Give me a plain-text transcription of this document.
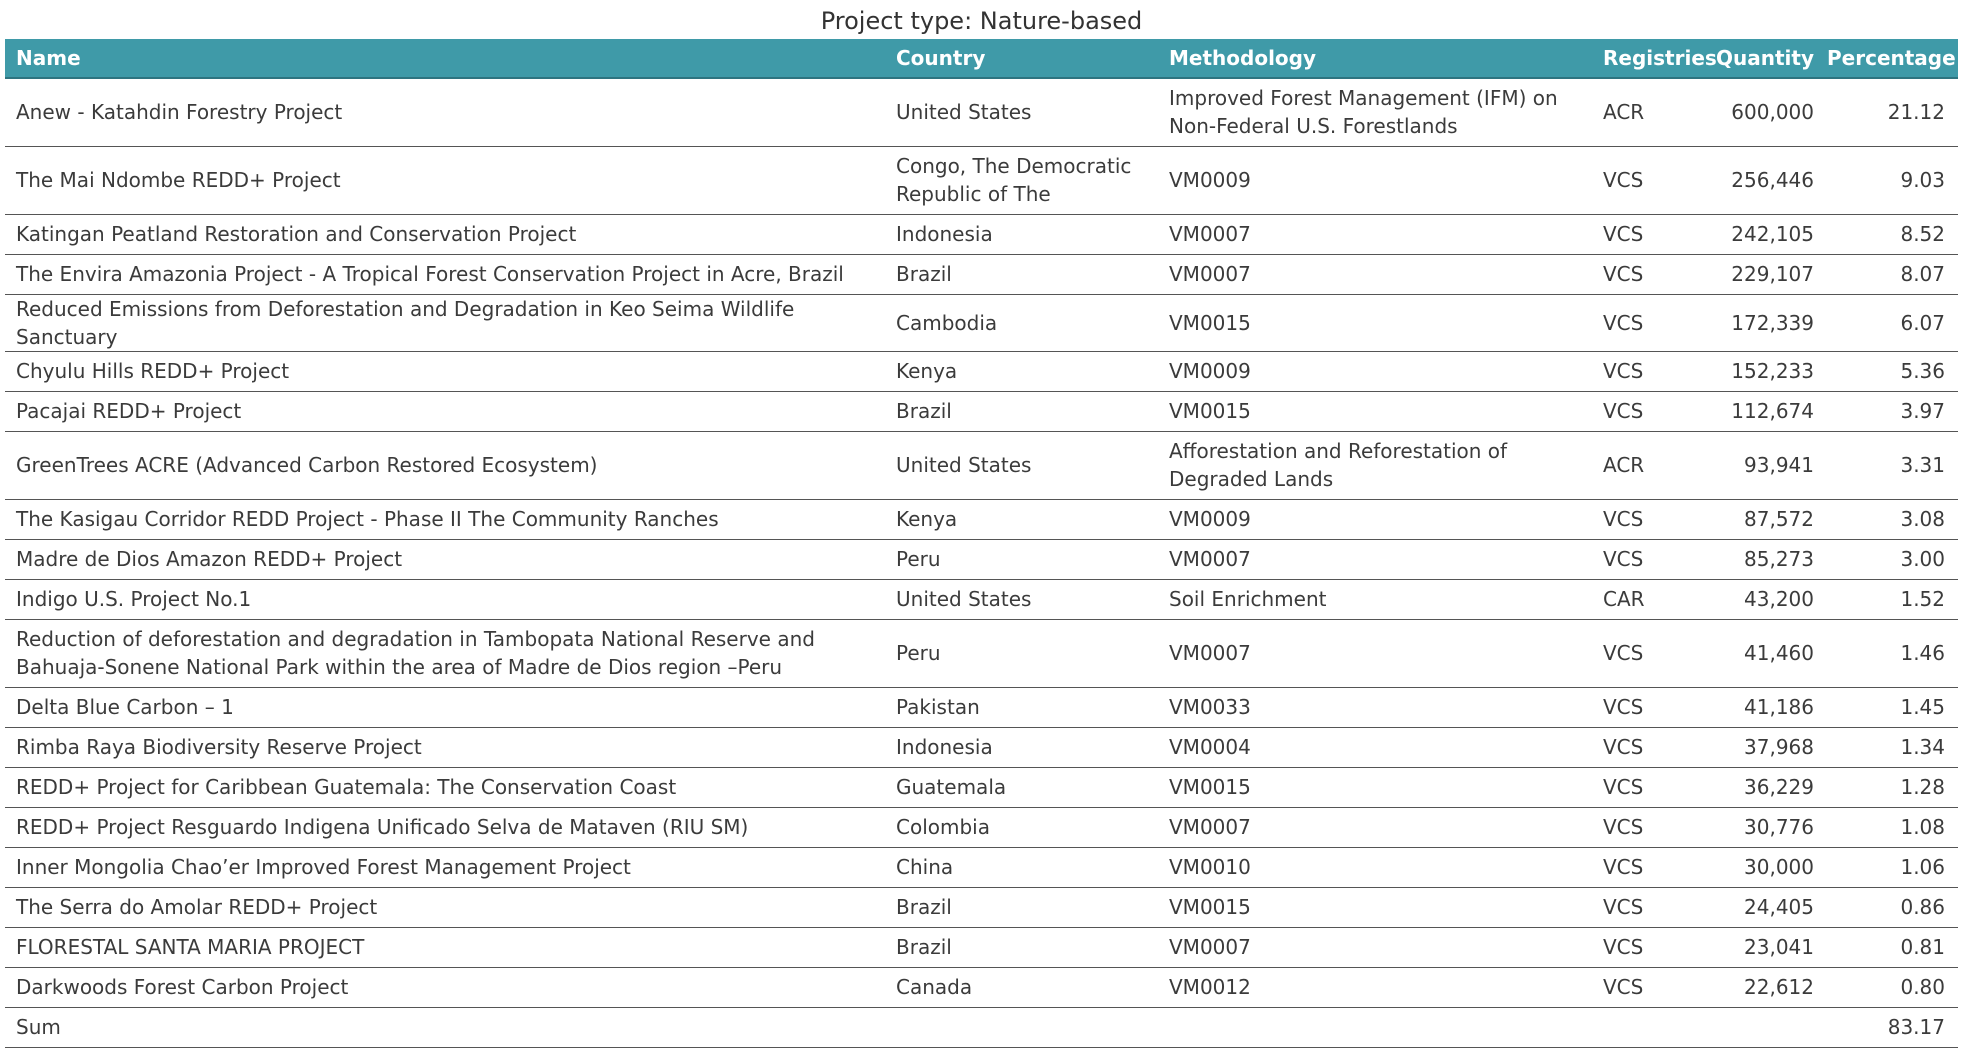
Project type: Nature-based
Name	Country	Methodology	Registries	Quantity	Percentage
Anew - Katahdin Forestry Project	United States	Improved Forest Management (IFM) on Non-Federal U.S. Forestlands	ACR	600,000	21.12
The Mai Ndombe REDD+ Project	Congo, The Democratic Republic of The	VM0009	VCS	256,446	9.03
Katingan Peatland Restoration and Conservation Project	Indonesia	VM0007	VCS	242,105	8.52
The Envira Amazonia Project - A Tropical Forest Conservation Project in Acre, Brazil	Brazil	VM0007	VCS	229,107	8.07
Reduced Emissions from Deforestation and Degradation in Keo Seima Wildlife Sanctuary	Cambodia	VM0015	VCS	172,339	6.07
Chyulu Hills REDD+ Project	Kenya	VM0009	VCS	152,233	5.36
Pacajai REDD+ Project	Brazil	VM0015	VCS	112,674	3.97
GreenTrees ACRE (Advanced Carbon Restored Ecosystem)	United States	Afforestation and Reforestation of Degraded Lands	ACR	93,941	3.31
The Kasigau Corridor REDD Project - Phase II The Community Ranches	Kenya	VM0009	VCS	87,572	3.08
Madre de Dios Amazon REDD+ Project	Peru	VM0007	VCS	85,273	3.00
Indigo U.S. Project No.1	United States	Soil Enrichment	CAR	43,200	1.52
Reduction of deforestation and degradation in Tambopata National Reserve and Bahuaja-Sonene National Park within the area of Madre de Dios region –Peru	Peru	VM0007	VCS	41,460	1.46
Delta Blue Carbon – 1	Pakistan	VM0033	VCS	41,186	1.45
Rimba Raya Biodiversity Reserve Project	Indonesia	VM0004	VCS	37,968	1.34
REDD+ Project for Caribbean Guatemala: The Conservation Coast	Guatemala	VM0015	VCS	36,229	1.28
REDD+ Project Resguardo Indigena Unificado Selva de Mataven (RIU SM)	Colombia	VM0007	VCS	30,776	1.08
Inner Mongolia Chao’er Improved Forest Management Project	China	VM0010	VCS	30,000	1.06
The Serra do Amolar REDD+ Project	Brazil	VM0015	VCS	24,405	0.86
FLORESTAL SANTA MARIA PROJECT	Brazil	VM0007	VCS	23,041	0.81
Darkwoods Forest Carbon Project	Canada	VM0012	VCS	22,612	0.80
Sum					83.17
